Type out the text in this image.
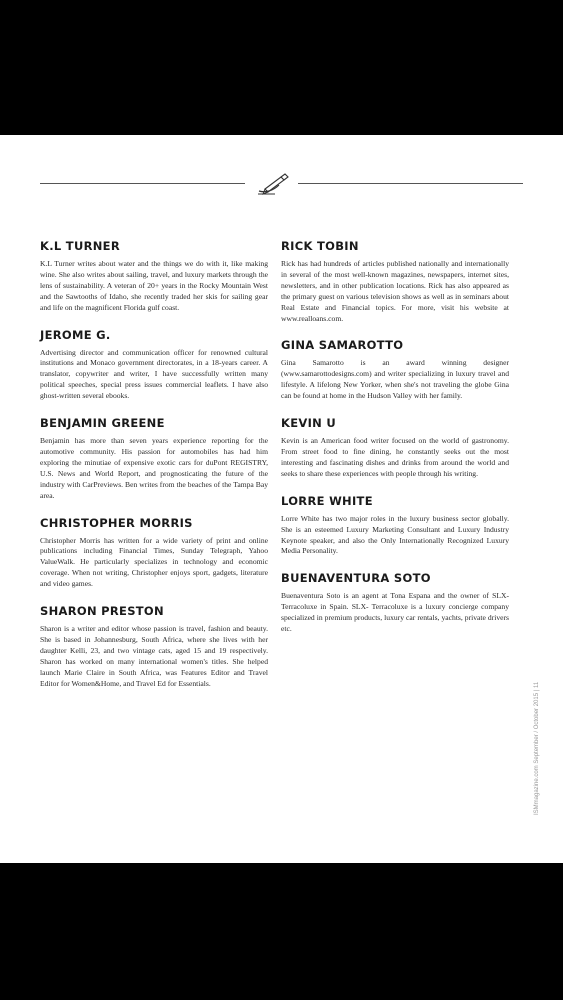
K.L TURNER
K.L Turner writes about water and the things we do with it, like making wine. She also writes about sailing, travel, and luxury markets through the lens of sustainability. A veteran of 20+ years in the Rocky Mountain West and the Sawtooths of Idaho, she recently traded her skis for sailing gear and life on the magnificent Florida gulf coast.
JEROME G.
Advertising director and communication officer for renowned cultural institutions and Monaco government directorates, in a 18-years career. A translator, copywriter and writer, I have successfully written many political speeches, special press issues commercial leaflets. I have also ghost-written several ebooks.
BENJAMIN GREENE
Benjamin has more than seven years experience reporting for the automotive community. His passion for automobiles has had him exploring the minutiae of expensive exotic cars for duPont REGISTRY, U.S. News and World Report, and prognosticating the future of the industry with CarPreviews. Ben writes from the beaches of the Tampa Bay area.
CHRISTOPHER MORRIS
Christopher Morris has written for a wide variety of print and online publications including Financial Times, Sunday Telegraph, Yahoo ValueWalk. He particularly specializes in technology and economic coverage. When not writing, Christopher enjoys sport, gadgets, literature and video games.
SHARON PRESTON
Sharon is a writer and editor whose passion is travel, fashion and beauty. She is based in Johannesburg, South Africa, where she lives with her daughter Kelli, 23, and two vintage cats, aged 15 and 19 respectively. Sharon has worked on many international women's titles. She helped launch Marie Claire in South Africa, was Features Editor and Travel Editor for Women&Home, and Travel Ed for Essentials.
RICK TOBIN
Rick has had hundreds of articles published nationally and internationally in several of the most well-known magazines, newspapers, internet sites, newsletters, and in other publication locations. Rick has also appeared as the primary guest on various television shows as well as in seminars about Real Estate and Financial topics. For more, visit his website at www.realloans.com.
GINA SAMAROTTO
Gina Samarotto is an award winning designer (www.samarottodesigns.com) and writer specializing in luxury travel and lifestyle. A lifelong New Yorker, when she's not traveling the globe Gina can be found at home in the Hudson Valley with her family.
KEVIN U
Kevin is an American food writer focused on the world of gastronomy. From street food to fine dining, he constantly seeks out the most interesting and fascinating dishes and drinks from around the world and seeks to share these experiences with people through his writing.
LORRE WHITE
Lorre White has two major roles in the luxury business sector globally. She is an esteemed Luxury Marketing Consultant and Luxury Industry Keynote speaker, and also the Only Internationally Recognized Luxury Media Personality.
BUENAVENTURA SOTO
Buenaventura Soto is an agent at Tona Espana and the owner of SLX- Terracoluxe in Spain. SLX- Terracoluxe is a luxury concierge company specialized in premium products, luxury car rentals, yachts, private drivers etc.
ISMmagazine.com September / October 2015 | 11
